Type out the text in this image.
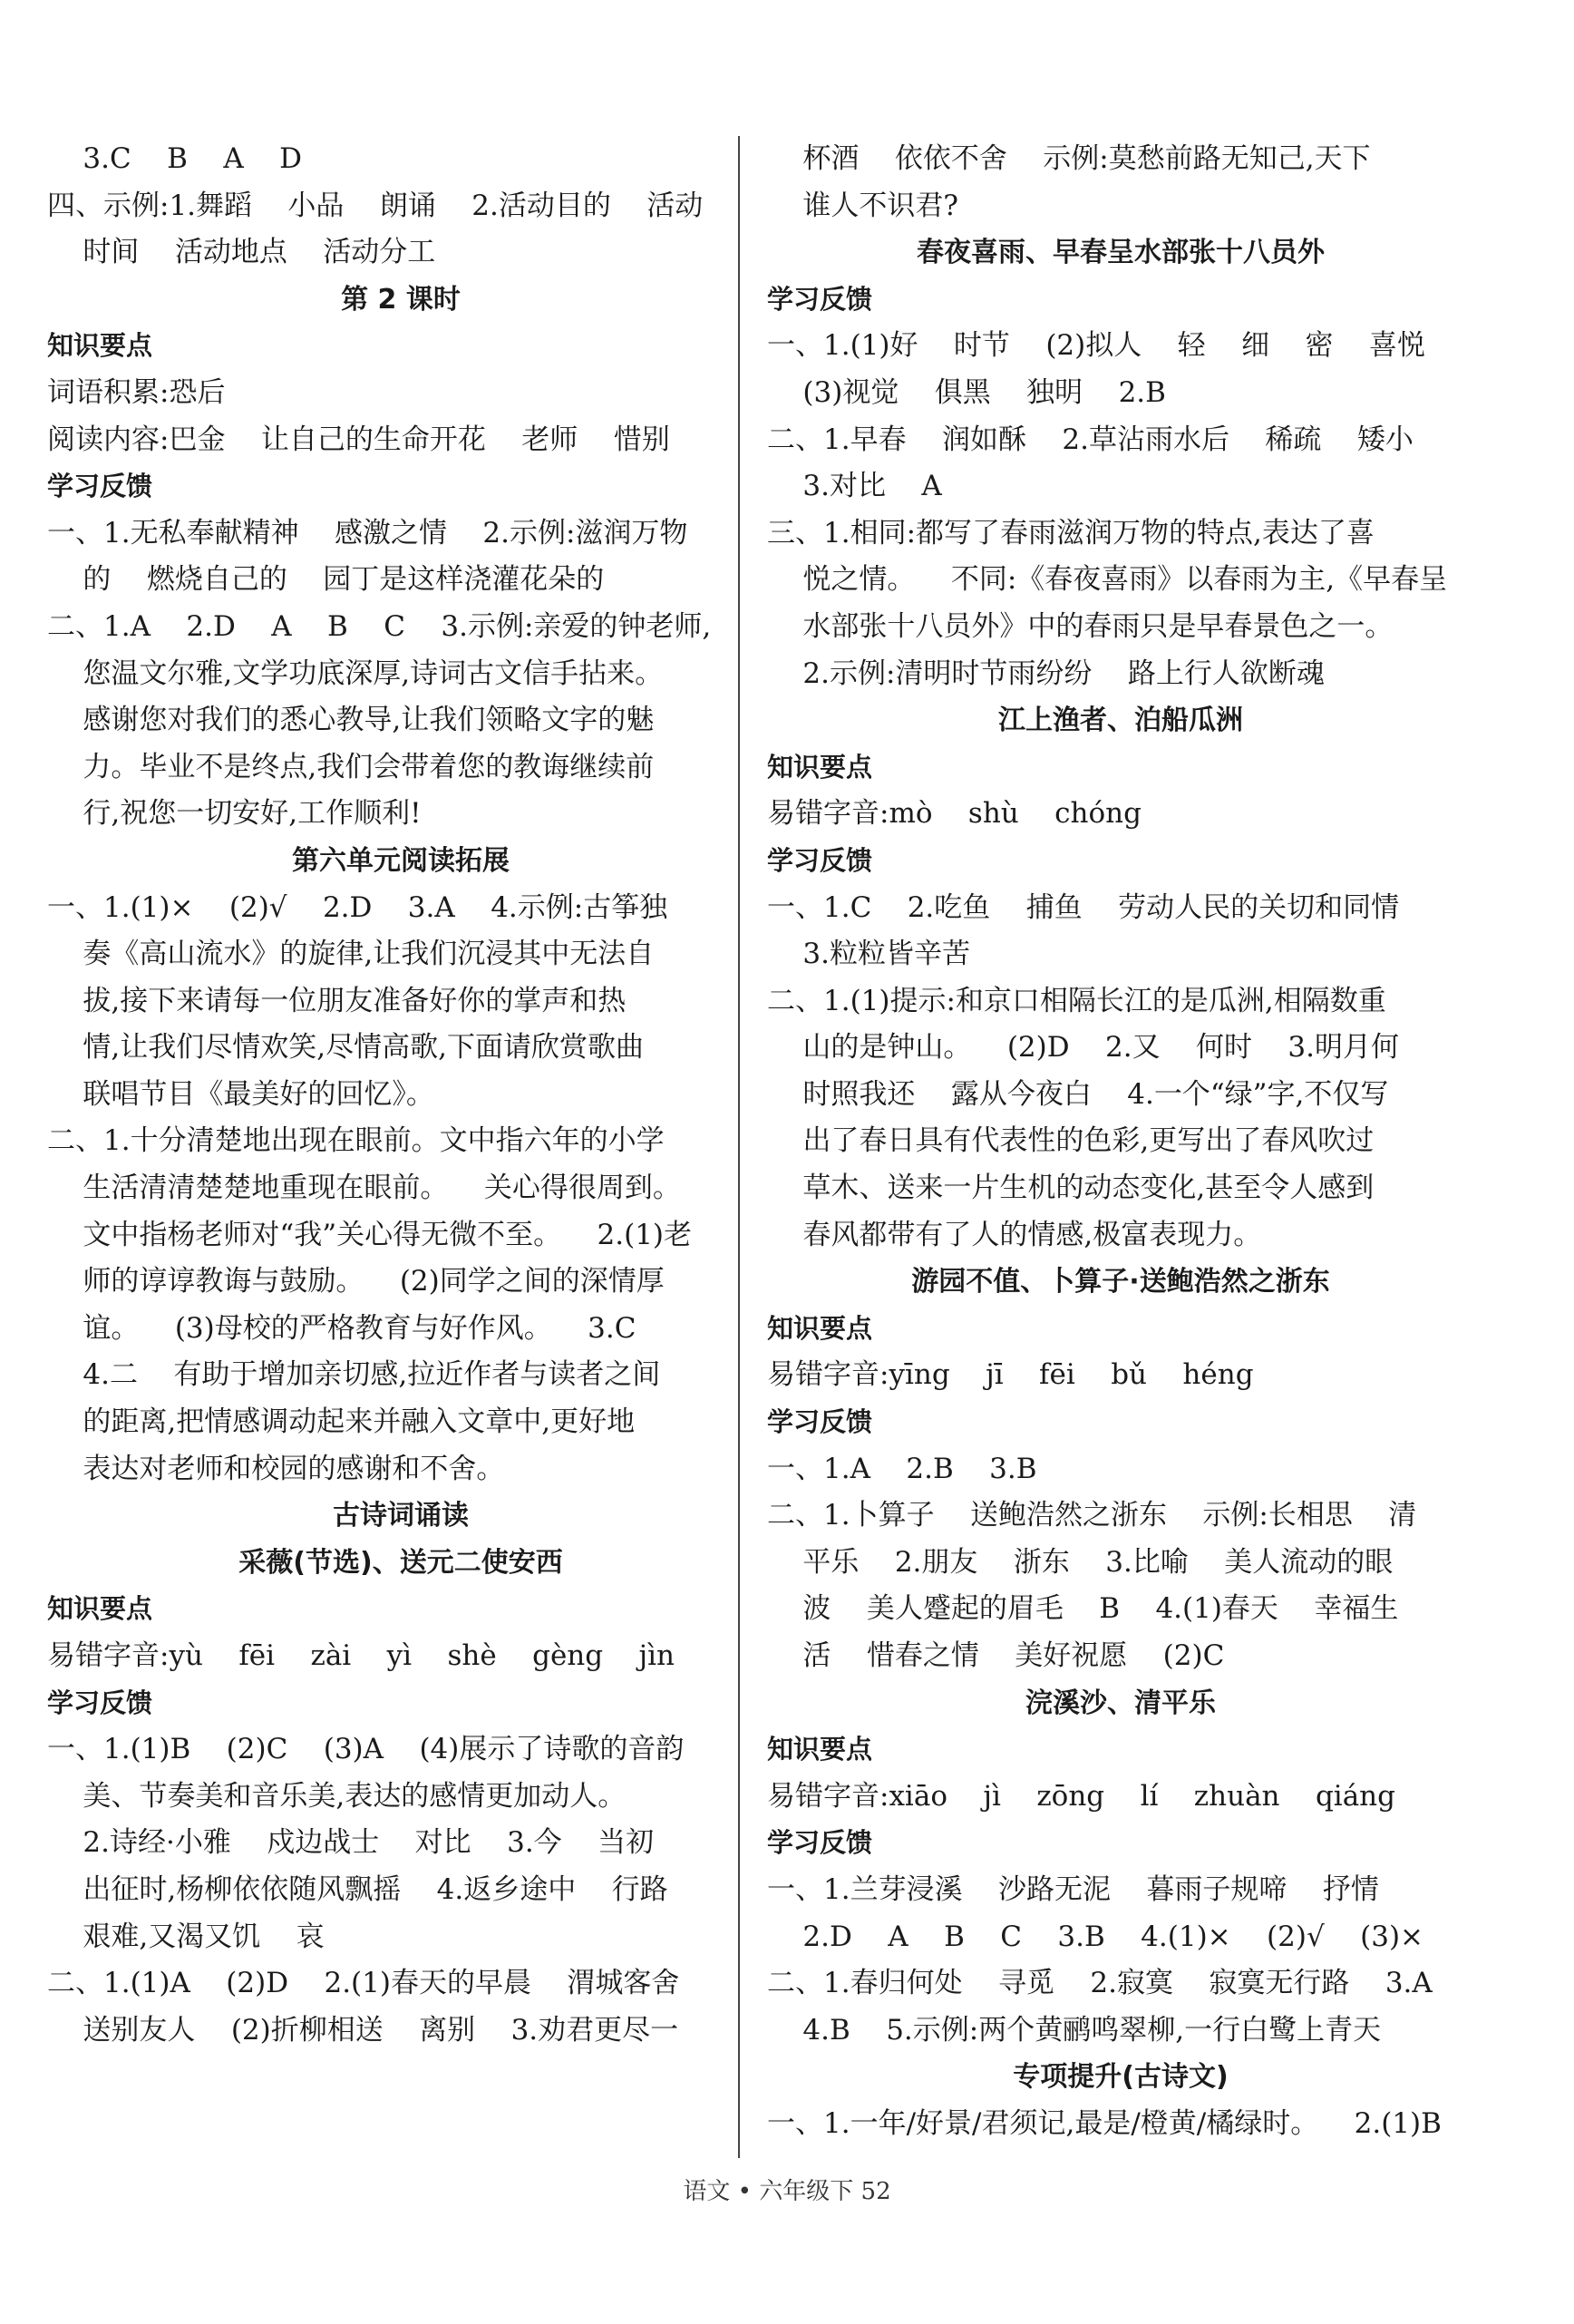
3.C    B    A    D
四、示例:1.舞蹈    小品    朗诵    2.活动目的    活动
时间    活动地点    活动分工
第 2 课时
知识要点
词语积累:恐后
阅读内容:巴金    让自己的生命开花    老师    惜别
学习反馈
一、1.无私奉献精神    感激之情    2.示例:滋润万物
的    燃烧自己的    园丁是这样浇灌花朵的
二、1.A    2.D    A    B    C    3.示例:亲爱的钟老师,
您温文尔雅,文学功底深厚,诗词古文信手拈来。
感谢您对我们的悉心教导,让我们领略文字的魅
力。毕业不是终点,我们会带着您的教诲继续前
行,祝您一切安好,工作顺利!
第六单元阅读拓展
一、1.(1)×    (2)√    2.D    3.A    4.示例:古筝独
奏《高山流水》的旋律,让我们沉浸其中无法自
拔,接下来请每一位朋友准备好你的掌声和热
情,让我们尽情欢笑,尽情高歌,下面请欣赏歌曲
联唱节目《最美好的回忆》。
二、1.十分清楚地出现在眼前。文中指六年的小学
生活清清楚楚地重现在眼前。    关心得很周到。
文中指杨老师对“我”关心得无微不至。    2.(1)老
师的谆谆教诲与鼓励。    (2)同学之间的深情厚
谊。    (3)母校的严格教育与好作风。    3.C
4.二    有助于增加亲切感,拉近作者与读者之间
的距离,把情感调动起来并融入文章中,更好地
表达对老师和校园的感谢和不舍。
古诗词诵读
采薇(节选)、送元二使安西
知识要点
易错字音:yù    fēi    zài    yì    shè    gèng    jìn
学习反馈
一、1.(1)B    (2)C    (3)A    (4)展示了诗歌的音韵
美、节奏美和音乐美,表达的感情更加动人。
2.诗经·小雅    戍边战士    对比    3.今    当初
出征时,杨柳依依随风飘摇    4.返乡途中    行路
艰难,又渴又饥    哀
二、1.(1)A    (2)D    2.(1)春天的早晨    渭城客舍
送别友人    (2)折柳相送    离别    3.劝君更尽一
杯酒    依依不舍    示例:莫愁前路无知己,天下
谁人不识君?
春夜喜雨、早春呈水部张十八员外
学习反馈
一、1.(1)好    时节    (2)拟人    轻    细    密    喜悦
(3)视觉    俱黑    独明    2.B
二、1.早春    润如酥    2.草沾雨水后    稀疏    矮小
3.对比    A
三、1.相同:都写了春雨滋润万物的特点,表达了喜
悦之情。    不同:《春夜喜雨》以春雨为主,《早春呈
水部张十八员外》中的春雨只是早春景色之一。
2.示例:清明时节雨纷纷    路上行人欲断魂
江上渔者、泊船瓜洲
知识要点
易错字音:mò    shù    chóng
学习反馈
一、1.C    2.吃鱼    捕鱼    劳动人民的关切和同情
3.粒粒皆辛苦
二、1.(1)提示:和京口相隔长江的是瓜洲,相隔数重
山的是钟山。    (2)D    2.又    何时    3.明月何
时照我还    露从今夜白    4.一个“绿”字,不仅写
出了春日具有代表性的色彩,更写出了春风吹过
草木、送来一片生机的动态变化,甚至令人感到
春风都带有了人的情感,极富表现力。
游园不值、卜算子·送鲍浩然之浙东
知识要点
易错字音:yīng    jī    fēi    bǔ    héng
学习反馈
一、1.A    2.B    3.B
二、1.卜算子    送鲍浩然之浙东    示例:长相思    清
平乐    2.朋友    浙东    3.比喻    美人流动的眼
波    美人蹙起的眉毛    B    4.(1)春天    幸福生
活    惜春之情    美好祝愿    (2)C
浣溪沙、清平乐
知识要点
易错字音:xiāo    jì    zōng    lí    zhuàn    qiáng
学习反馈
一、1.兰芽浸溪    沙路无泥    暮雨子规啼    抒情
2.D    A    B    C    3.B    4.(1)×    (2)√    (3)×
二、1.春归何处    寻觅    2.寂寞    寂寞无行路    3.A
4.B    5.示例:两个黄鹂鸣翠柳,一行白鹭上青天
专项提升(古诗文)
一、1.一年/好景/君须记,最是/橙黄/橘绿时。    2.(1)B
语文 • 六年级下 52
